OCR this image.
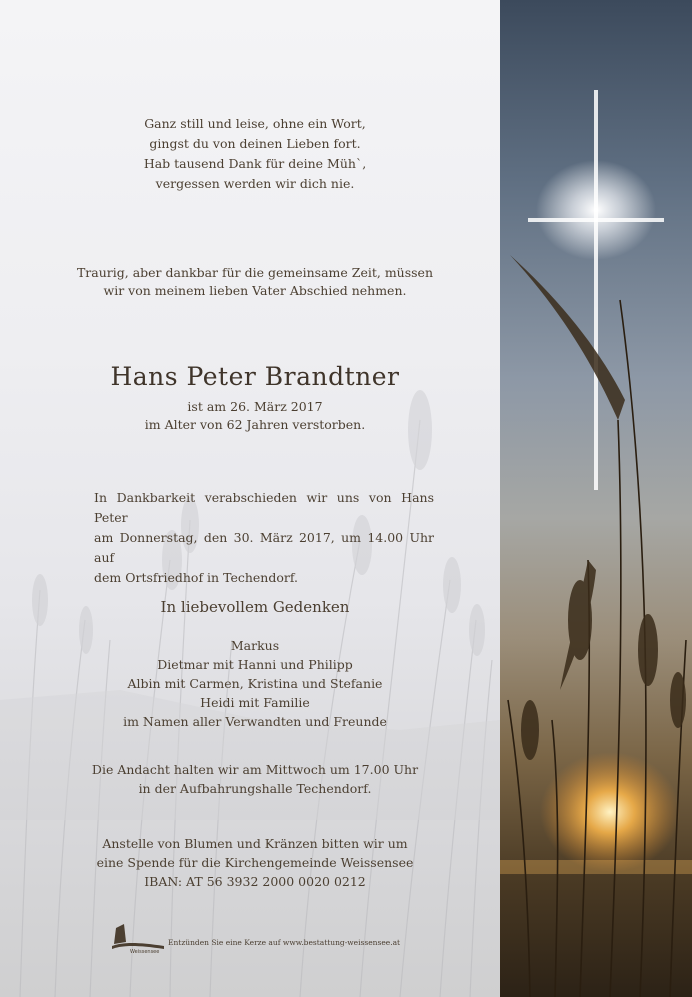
Ganz still und leise, ohne ein Wort,
gingst du von deinen Lieben fort.
Hab tausend Dank für deine Müh`,
vergessen werden wir dich nie.
Traurig, aber dankbar für die gemeinsame Zeit, müssen
wir von meinem lieben Vater Abschied nehmen.
Hans Peter Brandtner
ist am 26. März 2017
im Alter von 62 Jahren verstorben.
In Dankbarkeit verabschieden wir uns von Hans Peter
am Donnerstag, den 30. März 2017, um 14.00 Uhr auf
dem Ortsfriedhof in Techendorf.
In liebevollem Gedenken
Markus
Dietmar mit Hanni und Philipp
Albin mit Carmen, Kristina und Stefanie
Heidi mit Familie
im Namen aller Verwandten und Freunde
Die Andacht halten wir am Mittwoch um 17.00 Uhr
in der Aufbahrungshalle Techendorf.
Anstelle von Blumen und Kränzen bitten wir um
eine Spende für die Kirchengemeinde Weissensee
IBAN: AT 56 3932 2000 0020 0212
Weissensee
Entzünden Sie eine Kerze auf www.bestattung-weissensee.at
